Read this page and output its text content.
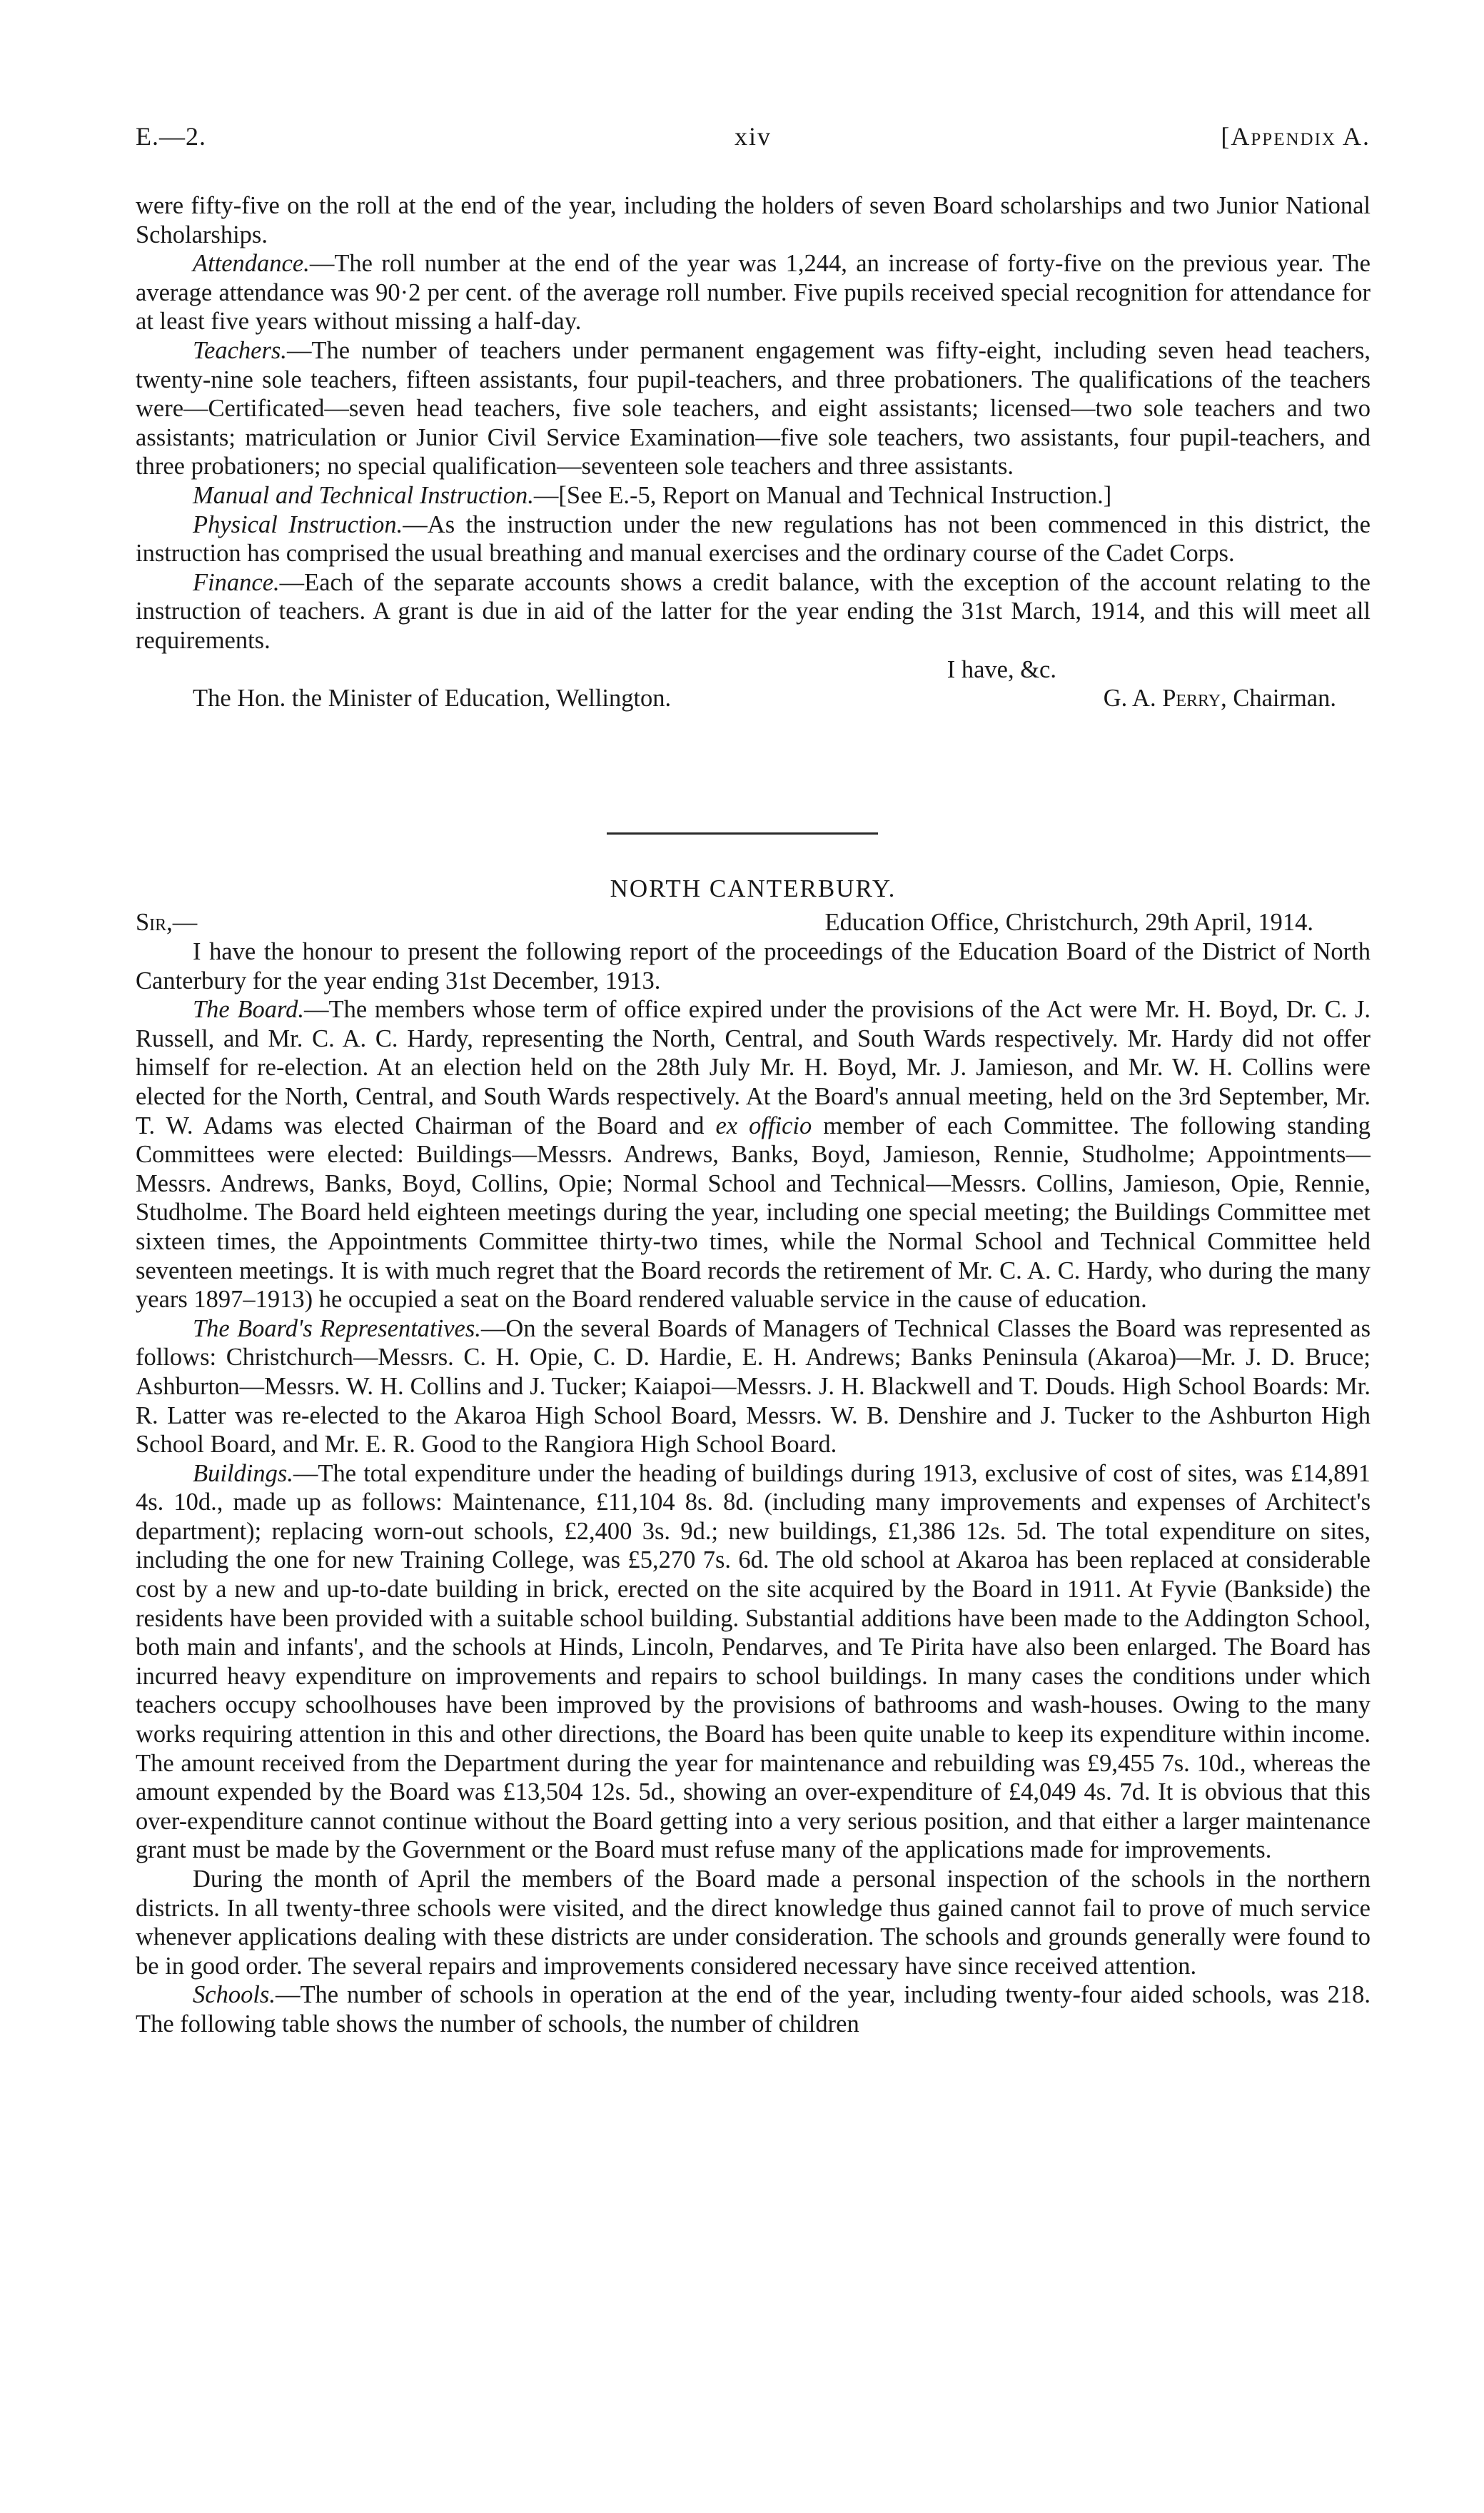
E.—2.	xiv	[Appendix A.

were fifty-five on the roll at the end of the year, including the holders of seven Board scholarships and two Junior National Scholarships.

Attendance.—The roll number at the end of the year was 1,244, an increase of forty-five on the previous year. The average attendance was 90·2 per cent. of the average roll number. Five pupils received special recognition for attendance for at least five years without missing a half-day.

Teachers.—The number of teachers under permanent engagement was fifty-eight, including seven head teachers, twenty-nine sole teachers, fifteen assistants, four pupil-teachers, and three probationers. The qualifications of the teachers were—Certificated—seven head teachers, five sole teachers, and eight assistants; licensed—two sole teachers and two assistants; matriculation or Junior Civil Service Examination—five sole teachers, two assistants, four pupil-teachers, and three probationers; no special qualification—seventeen sole teachers and three assistants.

Manual and Technical Instruction.—[See E.-5, Report on Manual and Technical Instruction.]

Physical Instruction.—As the instruction under the new regulations has not been commenced in this district, the instruction has comprised the usual breathing and manual exercises and the ordinary course of the Cadet Corps.

Finance.—Each of the separate accounts shows a credit balance, with the exception of the account relating to the instruction of teachers. A grant is due in aid of the latter for the year ending the 31st March, 1914, and this will meet all requirements.

I have, &c.

The Hon. the Minister of Education, Wellington.	G. A. Perry, Chairman.
NORTH CANTERBURY.
Sir,—	Education Office, Christchurch, 29th April, 1914.

I have the honour to present the following report of the proceedings of the Education Board of the District of North Canterbury for the year ending 31st December, 1913.

The Board.—The members whose term of office expired under the provisions of the Act were Mr. H. Boyd, Dr. C. J. Russell, and Mr. C. A. C. Hardy, representing the North, Central, and South Wards respectively. Mr. Hardy did not offer himself for re-election. At an election held on the 28th July Mr. H. Boyd, Mr. J. Jamieson, and Mr. W. H. Collins were elected for the North, Central, and South Wards respectively. At the Board's annual meeting, held on the 3rd September, Mr. T. W. Adams was elected Chairman of the Board and ex officio member of each Committee. The following standing Committees were elected: Buildings—Messrs. Andrews, Banks, Boyd, Jamieson, Rennie, Studholme; Appointments—Messrs. Andrews, Banks, Boyd, Collins, Opie; Normal School and Technical—Messrs. Collins, Jamieson, Opie, Rennie, Studholme. The Board held eighteen meetings during the year, including one special meeting; the Buildings Committee met sixteen times, the Appointments Committee thirty-two times, while the Normal School and Technical Committee held seventeen meetings. It is with much regret that the Board records the retirement of Mr. C. A. C. Hardy, who during the many years 1897–1913) he occupied a seat on the Board rendered valuable service in the cause of education.

The Board's Representatives.—On the several Boards of Managers of Technical Classes the Board was represented as follows: Christchurch—Messrs. C. H. Opie, C. D. Hardie, E. H. Andrews; Banks Peninsula (Akaroa)—Mr. J. D. Bruce; Ashburton—Messrs. W. H. Collins and J. Tucker; Kaiapoi—Messrs. J. H. Blackwell and T. Douds. High School Boards: Mr. R. Latter was re-elected to the Akaroa High School Board, Messrs. W. B. Denshire and J. Tucker to the Ashburton High School Board, and Mr. E. R. Good to the Rangiora High School Board.

Buildings.—The total expenditure under the heading of buildings during 1913, exclusive of cost of sites, was £14,891 4s. 10d., made up as follows: Maintenance, £11,104 8s. 8d. (including many improvements and expenses of Architect's department); replacing worn-out schools, £2,400 3s. 9d.; new buildings, £1,386 12s. 5d. The total expenditure on sites, including the one for new Training College, was £5,270 7s. 6d. The old school at Akaroa has been replaced at considerable cost by a new and up-to-date building in brick, erected on the site acquired by the Board in 1911. At Fyvie (Bankside) the residents have been provided with a suitable school building. Substantial additions have been made to the Addington School, both main and infants', and the schools at Hinds, Lincoln, Pendarves, and Te Pirita have also been enlarged. The Board has incurred heavy expenditure on improvements and repairs to school buildings. In many cases the conditions under which teachers occupy schoolhouses have been improved by the provisions of bathrooms and wash-houses. Owing to the many works requiring attention in this and other directions, the Board has been quite unable to keep its expenditure within income. The amount received from the Department during the year for maintenance and rebuilding was £9,455 7s. 10d., whereas the amount expended by the Board was £13,504 12s. 5d., showing an over-expenditure of £4,049 4s. 7d. It is obvious that this over-expenditure cannot continue without the Board getting into a very serious position, and that either a larger maintenance grant must be made by the Government or the Board must refuse many of the applications made for improvements.

During the month of April the members of the Board made a personal inspection of the schools in the northern districts. In all twenty-three schools were visited, and the direct knowledge thus gained cannot fail to prove of much service whenever applications dealing with these districts are under consideration. The schools and grounds generally were found to be in good order. The several repairs and improvements considered necessary have since received attention.

Schools.—The number of schools in operation at the end of the year, including twenty-four aided schools, was 218. The following table shows the number of schools, the number of children
